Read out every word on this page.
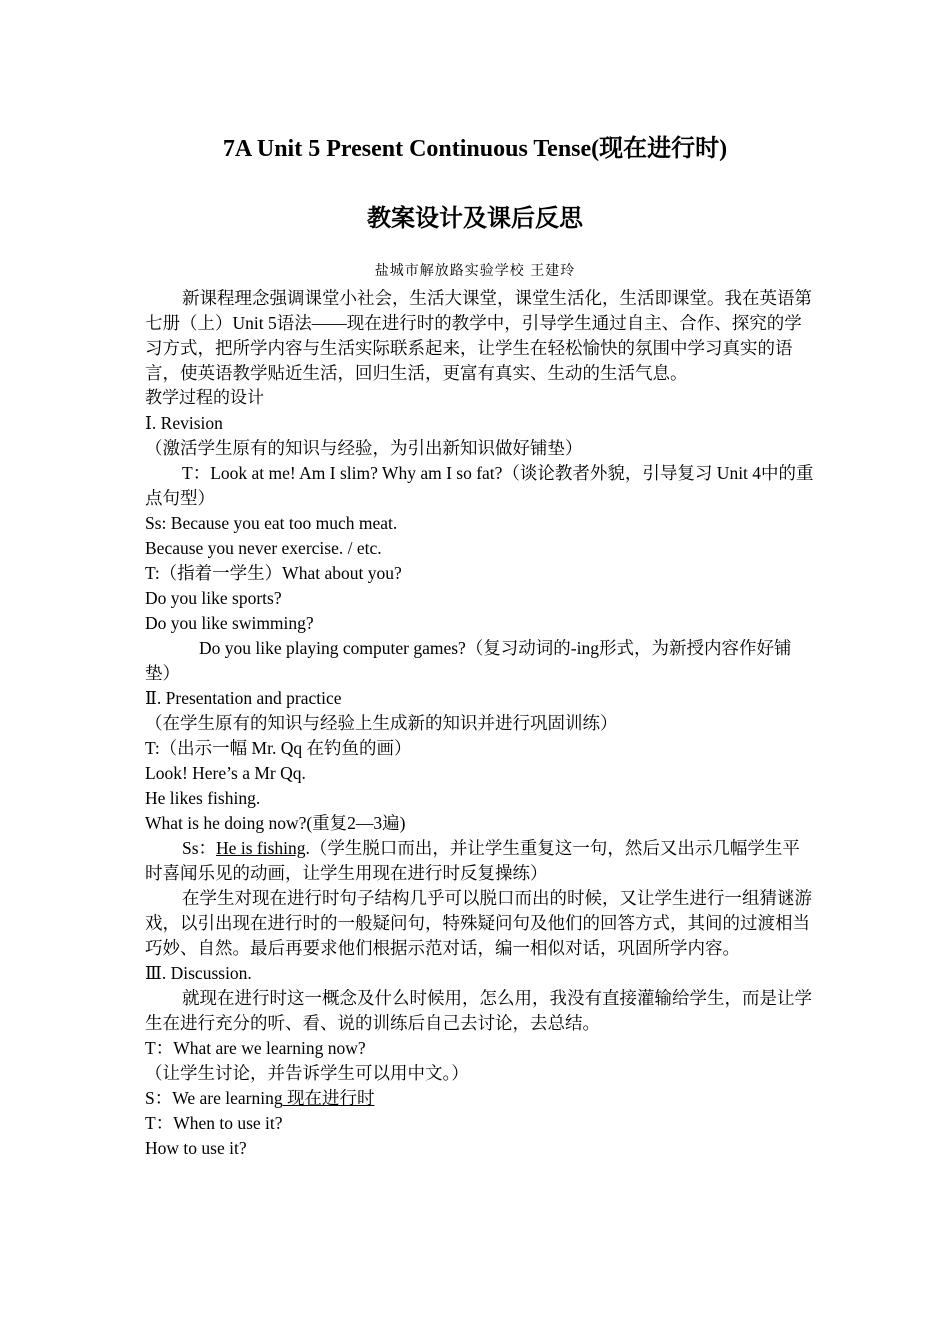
7A Unit 5 Present Continuous Tense(现在进行时)
教案设计及课后反思
盐城市解放路实验学校 王建玲

新课程理念强调课堂小社会，生活大课堂，课堂生活化，生活即课堂。我在英语第七册（上）Unit 5语法——现在进行时的教学中，引导学生通过自主、合作、探究的学习方式，把所学内容与生活实际联系起来，让学生在轻松愉快的氛围中学习真实的语言，使英语教学贴近生活，回归生活，更富有真实、生动的生活气息。

教学过程的设计

Ⅰ. Revision

（激活学生原有的知识与经验，为引出新知识做好铺垫）

T：Look at me! Am I slim? Why am I so fat?（谈论教者外貌，引导复习 Unit 4中的重点句型）

Ss: Because you eat too much meat.

Because you never exercise. / etc.

T:（指着一学生）What about you?

Do you like sports?

Do you like swimming?

Do you like playing computer games?（复习动词的-ing形式，为新授内容作好铺垫）

Ⅱ. Presentation and practice

（在学生原有的知识与经验上生成新的知识并进行巩固训练）

T:（出示一幅 Mr. Qq 在钓鱼的画）

Look! Here’s a Mr Qq.

He likes fishing.

What is he doing now?(重复2—3遍)

Ss：He is fishing.（学生脱口而出，并让学生重复这一句，然后又出示几幅学生平时喜闻乐见的动画，让学生用现在进行时反复操练）

在学生对现在进行时句子结构几乎可以脱口而出的时候，又让学生进行一组猜谜游戏，以引出现在进行时的一般疑问句，特殊疑问句及他们的回答方式，其间的过渡相当巧妙、自然。最后再要求他们根据示范对话，编一相似对话，巩固所学内容。

Ⅲ. Discussion.

就现在进行时这一概念及什么时候用，怎么用，我没有直接灌输给学生，而是让学生在进行充分的听、看、说的训练后自己去讨论，去总结。

T：What are we learning now?

（让学生讨论，并告诉学生可以用中文。）

S：We are learning 现在进行时

T：When to use it?

How to use it?
